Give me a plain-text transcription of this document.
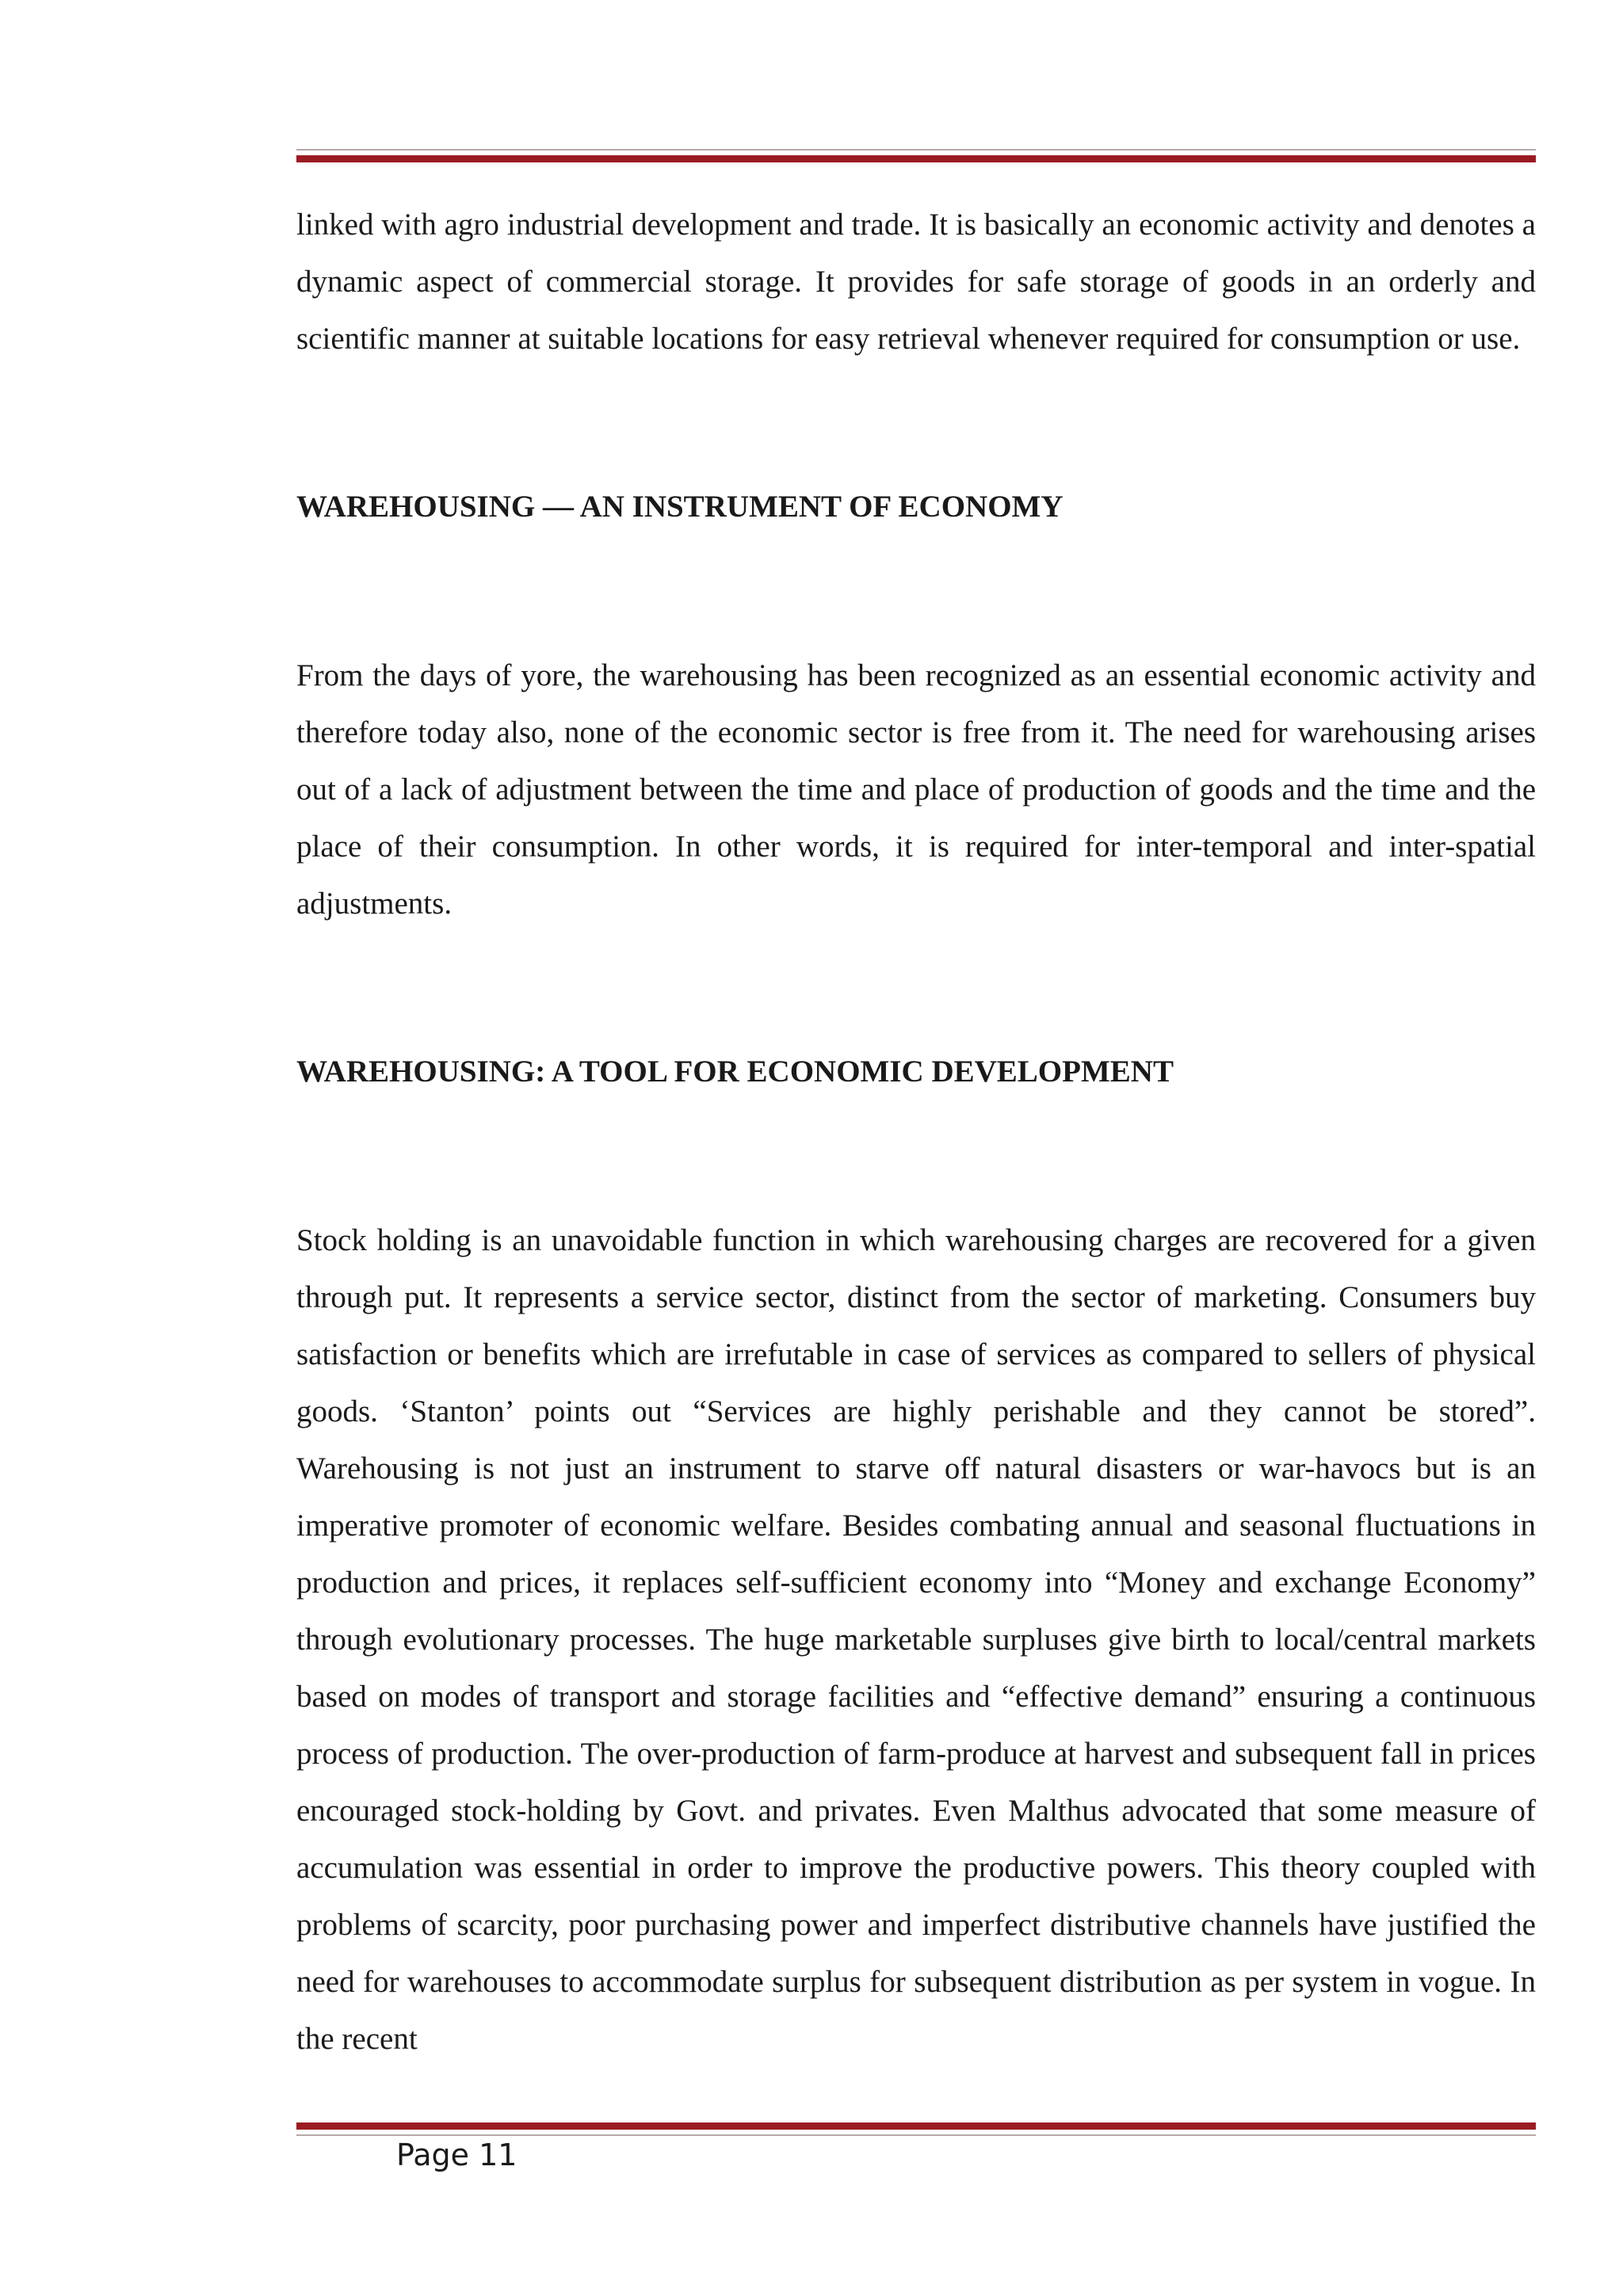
linked with agro industrial development and trade. It is basically an economic activity and denotes a dynamic aspect of commercial storage. It provides for safe storage of goods in an orderly and scientific manner at suitable locations for easy retrieval whenever required for consumption or use.

WAREHOUSING — AN INSTRUMENT OF ECONOMY

From the days of yore, the warehousing has been recognized as an essential economic activity and therefore today also, none of the economic sector is free from it. The need for warehousing arises out of a lack of adjustment between the time and place of production of goods and the time and the place of their consumption. In other words, it is required for inter-temporal and inter-spatial adjustments.

WAREHOUSING: A TOOL FOR ECONOMIC DEVELOPMENT

Stock holding is an unavoidable function in which warehousing charges are recovered for a given through put. It represents a service sector, distinct from the sector of marketing. Consumers buy satisfaction or benefits which are irrefutable in case of services as compared to sellers of physical goods. ‘Stanton’ points out “Services are highly perishable and they cannot be stored”. Warehousing is not just an instrument to starve off natural disasters or war-havocs but is an imperative promoter of economic welfare. Besides combating annual and seasonal fluctuations in production and prices, it replaces self-sufficient economy into “Money and exchange Economy” through evolutionary processes. The huge marketable surpluses give birth to local/central markets based on modes of transport and storage facilities and “effective demand” ensuring a continuous process of production. The over-production of farm-produce at harvest and subsequent fall in prices encouraged stock-holding by Govt. and privates. Even Malthus advocated that some measure of accumulation was essential in order to improve the productive powers. This theory coupled with problems of scarcity, poor purchasing power and imperfect distributive channels have justified the need for warehouses to accommodate surplus for subsequent distribution as per system in vogue. In the recent

Page 11
